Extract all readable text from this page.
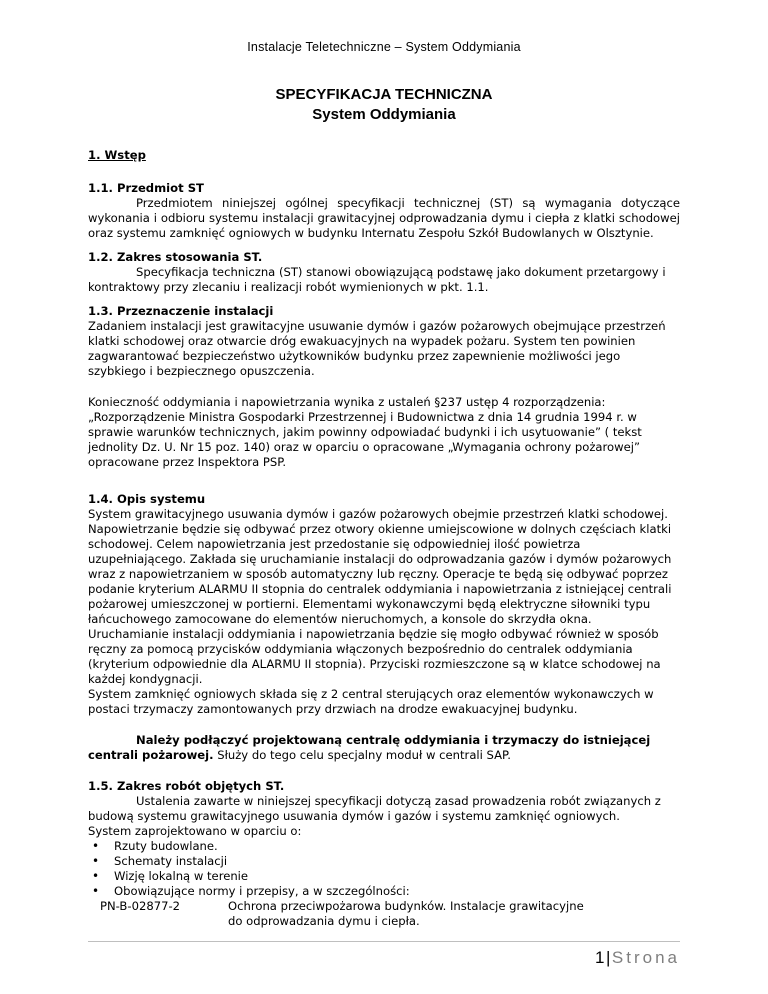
Instalacje Teletechniczne – System Oddymiania
SPECYFIKACJA TECHNICZNA
System Oddymiania

1. Wstęp

1.1. Przedmiot ST

Przedmiotem niniejszej ogólnej specyfikacji technicznej (ST) są wymagania dotyczące wykonania i odbioru systemu instalacji grawitacyjnej odprowadzania dymu i ciepła z klatki schodowej oraz systemu zamknięć ogniowych w budynku Internatu Zespołu Szkół Budowlanych w Olsztynie.

1.2. Zakres stosowania ST.

Specyfikacja techniczna (ST) stanowi obowiązującą podstawę jako dokument przetargowy i kontraktowy przy zlecaniu i realizacji robót wymienionych w pkt. 1.1.

1.3. Przeznaczenie instalacji

Zadaniem instalacji jest grawitacyjne usuwanie dymów i gazów pożarowych obejmujące przestrzeń klatki schodowej oraz otwarcie dróg ewakuacyjnych na wypadek pożaru. System ten powinien zagwarantować bezpieczeństwo użytkowników budynku przez zapewnienie możliwości jego szybkiego i bezpiecznego opuszczenia.

Konieczność oddymiania i napowietrzania wynika z ustaleń §237 ustęp 4 rozporządzenia: „Rozporządzenie Ministra Gospodarki Przestrzennej i Budownictwa z dnia 14 grudnia 1994 r. w sprawie warunków technicznych, jakim powinny odpowiadać budynki i ich usytuowanie” ( tekst jednolity Dz. U. Nr 15 poz. 140) oraz w oparciu o opracowane „Wymagania ochrony pożarowej” opracowane przez Inspektora PSP.

1.4. Opis systemu

System grawitacyjnego usuwania dymów i gazów pożarowych obejmie przestrzeń klatki schodowej. Napowietrzanie będzie się odbywać przez otwory okienne umiejscowione w dolnych częściach klatki schodowej. Celem napowietrzania jest przedostanie się odpowiedniej ilość powietrza uzupełniającego. Zakłada się uruchamianie instalacji do odprowadzania gazów i dymów pożarowych wraz z napowietrzaniem w sposób automatyczny lub ręczny. Operacje te będą się odbywać poprzez podanie kryterium ALARMU II stopnia do centralek oddymiania i napowietrzania z istniejącej centrali pożarowej umieszczonej w portierni. Elementami wykonawczymi będą elektryczne siłowniki typu łańcuchowego zamocowane do elementów nieruchomych, a konsole do skrzydła okna.

Uruchamianie instalacji oddymiania i napowietrzania będzie się mogło odbywać również w sposób ręczny za pomocą przycisków oddymiania włączonych bezpośrednio do centralek oddymiania (kryterium odpowiednie dla ALARMU II stopnia). Przyciski rozmieszczone są w klatce schodowej na każdej kondygnacji.

System zamknięć ogniowych składa się z 2 central sterujących oraz elementów wykonawczych w postaci trzymaczy zamontowanych przy drzwiach na drodze ewakuacyjnej budynku.

Należy podłączyć projektowaną centralę oddymiania i trzymaczy do istniejącej centrali pożarowej. Służy do tego celu specjalny moduł w centrali SAP.

1.5. Zakres robót objętych ST.

Ustalenia zawarte w niniejszej specyfikacji dotyczą zasad prowadzenia robót związanych z budową systemu grawitacyjnego usuwania dymów i gazów i systemu zamknięć ogniowych.

System zaprojektowano w oparciu o:

• Rzuty budowlane.
• Schematy instalacji
• Wizję lokalną w terenie
• Obowiązujące normy i przepisy, a w szczególności:
PN-B-02877-2	Ochrona przeciwpożarowa budynków. Instalacje grawitacyjne
do odprowadzania dymu i ciepła.
1|Strona
